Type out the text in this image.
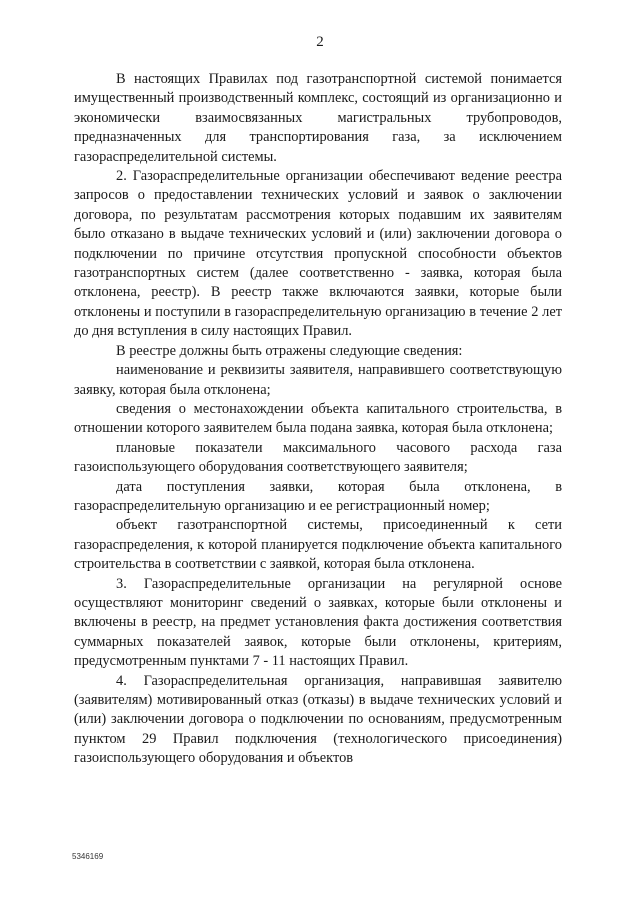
2

В настоящих Правилах под газотранспортной системой понимается имущественный производственный комплекс, состоящий из организационно и экономически взаимосвязанных магистральных трубопроводов, предназначенных для транспортирования газа, за исключением газораспределительной системы.

2. Газораспределительные организации обеспечивают ведение реестра запросов о предоставлении технических условий и заявок о заключении договора, по результатам рассмотрения которых подавшим их заявителям было отказано в выдаче технических условий и (или) заключении договора о подключении по причине отсутствия пропускной способности объектов газотранспортных систем (далее соответственно - заявка, которая была отклонена, реестр). В реестр также включаются заявки, которые были отклонены и поступили в газораспределительную организацию в течение 2 лет до дня вступления в силу настоящих Правил.

В реестре должны быть отражены следующие сведения:

наименование и реквизиты заявителя, направившего соответствующую заявку, которая была отклонена;

сведения о местонахождении объекта капитального строительства, в отношении которого заявителем была подана заявка, которая была отклонена;

плановые показатели максимального часового расхода газа газоиспользующего оборудования соответствующего заявителя;

дата поступления заявки, которая была отклонена, в газораспределительную организацию и ее регистрационный номер;

объект газотранспортной системы, присоединенный к сети газораспределения, к которой планируется подключение объекта капитального строительства в соответствии с заявкой, которая была отклонена.

3. Газораспределительные организации на регулярной основе осуществляют мониторинг сведений о заявках, которые были отклонены и включены в реестр, на предмет установления факта достижения соответствия суммарных показателей заявок, которые были отклонены, критериям, предусмотренным пунктами 7 - 11 настоящих Правил.

4. Газораспределительная организация, направившая заявителю (заявителям) мотивированный отказ (отказы) в выдаче технических условий и (или) заключении договора о подключении по основаниям, предусмотренным пунктом 29 Правил подключения (технологического присоединения) газоиспользующего оборудования и объектов

5346169
